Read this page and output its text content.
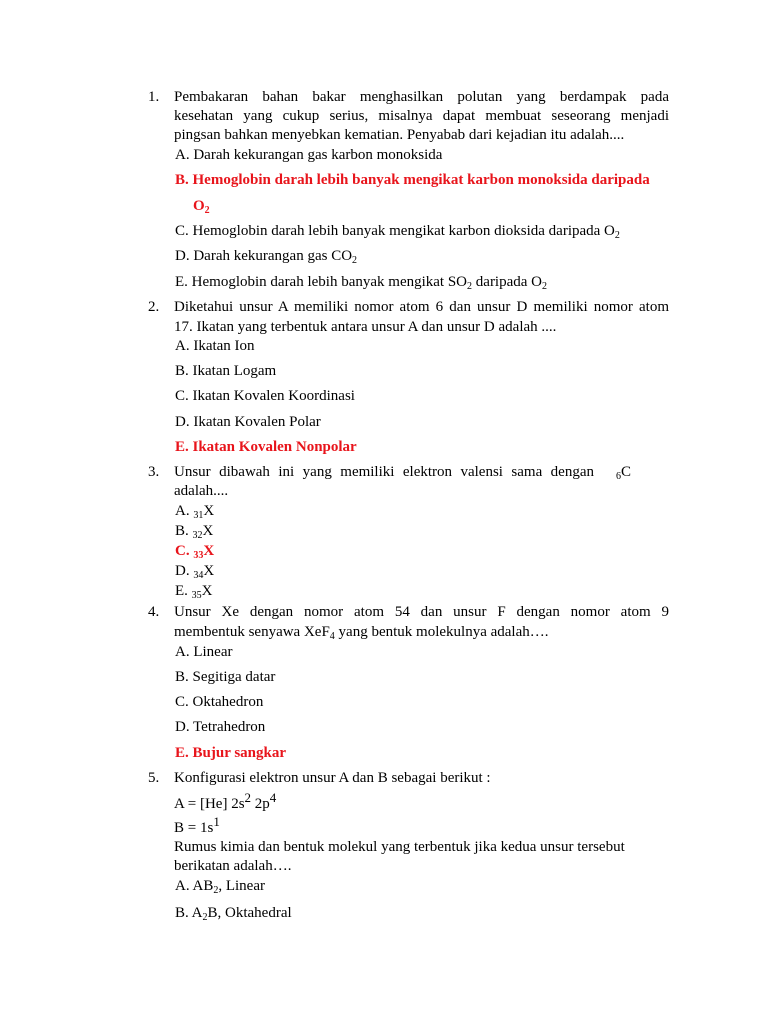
1. Pembakaran bahan bakar menghasilkan polutan yang berdampak pada
kesehatan yang cukup serius, misalnya dapat membuat seseorang menjadi
pingsan bahkan menyebkan kematian. Penyabab dari kejadian itu adalah....
A. Darah kekurangan gas karbon monoksida
B. Hemoglobin darah lebih banyak mengikat karbon monoksida daripada
$O_2$
C. Hemoglobin darah lebih banyak mengikat karbon dioksida daripada $O_2$
D. Darah kekurangan gas $CO_2$
E. Hemoglobin darah lebih banyak mengikat $SO_2$ daripada $O_2$
2. Diketahui unsur A memiliki nomor atom 6 dan unsur D memiliki nomor atom
17. Ikatan yang terbentuk antara unsur A dan unsur D adalah ....
A. Ikatan Ion
B. Ikatan Logam
C. Ikatan Kovalen Koordinasi
D. Ikatan Kovalen Polar
E. Ikatan Kovalen Nonpolar
3. Unsur dibawah ini yang memiliki elektron valensi sama dengan $_6$C
adalah....
A. $_{31}$X
B. $_{32}$X
C. $_{33}$X
D. $_{34}$X
E. $_{35}$X
4. Unsur Xe dengan nomor atom 54 dan unsur F dengan nomor atom 9
membentuk senyawa XeF$_4$ yang bentuk molekulnya adalah….
A. Linear
B. Segitiga datar
C. Oktahedron
D. Tetrahedron
E. Bujur sangkar
5. Konfigurasi elektron unsur A dan B sebagai berikut :
A = [He] 2s2 2p4
B = 1s1
Rumus kimia dan bentuk molekul yang terbentuk jika kedua unsur tersebut
berikatan adalah….
A. $AB_2$, Linear
B. $A_2B$, Oktahedral
